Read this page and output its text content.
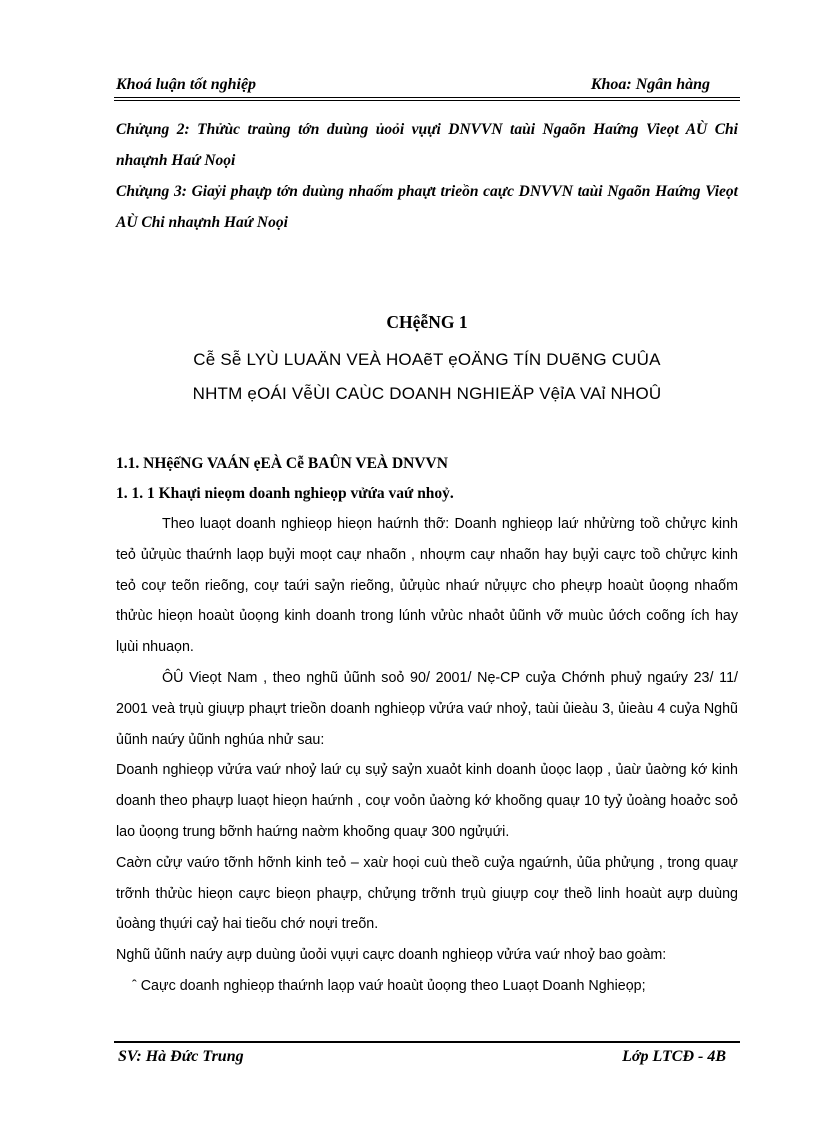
Khoá luận tốt nghiệp	Khoa: Ngân hàng

Chửụng 2: Thửùc traùng tớn duùng ủoỏi vụựi DNVVN taùi Ngaõn Haứng Vieọt AÙ Chi nhaựnh Haứ Noọi

Chửụng 3: Giaỷi phaựp tớn duùng nhaốm phaựt trieồn caực DNVVN taùi Ngaõn Haứng Vieọt AÙ Chi nhaựnh Haứ Noọi

CHệễNG 1
Cễ Sễ LYÙ LUAÄN VEÀ HOAẽT ẹOÄNG TÍN DUẽNG CUÛA
NHTM ẹOÁI VễÙI CAÙC DOANH NGHIEÄP VệỉA VAỉ NHOÛ
1.1. NHệếNG VAÁN ẹEÀ Cễ BAÛN VEÀ DNVVN
1. 1. 1 Khaựi nieọm doanh nghieọp vửứa vaứ nhoỷ.

Theo luaọt doanh nghieọp hieọn haứnh thỡ: Doanh nghieọp laứ nhửừng toồ chửực kinh teỏ ủửụùc thaứnh laọp bụỷi moọt caự nhaõn , nhoựm caự nhaõn hay bụỷi caực toồ chửực kinh teỏ coự teõn rieõng, coự taứi saỷn rieõng, ủửụùc nhaứ nửụực cho pheựp hoaùt ủoọng nhaốm thửùc hieọn hoaùt ủoọng kinh doanh trong lúnh vửùc nhaỏt ủũnh vỡ muùc ủớch coõng ích hay lụùi nhuaọn.

ÔÛ Vieọt Nam , theo nghũ ủũnh soỏ 90/ 2001/ Nẹ-CP cuỷa Chớnh phuỷ ngaứy 23/ 11/ 2001 veà trụù giuựp phaựt trieồn doanh nghieọp vửứa vaứ nhoỷ, taùi ủieàu 3, ủieàu 4 cuỷa Nghũ ủũnh naứy ủũnh nghúa nhử sau:

Doanh nghieọp vửứa vaứ nhoỷ laứ cụ sụỷ saỷn xuaỏt kinh doanh ủoọc laọp , ủaừ ủaờng kớ kinh doanh theo phaựp luaọt hieọn haứnh , coự voỏn ủaờng kớ khoõng quaự 10 tyỷ ủoàng hoaởc soỏ lao ủoọng trung bỡnh haứng naờm khoõng quaự 300 ngửụứi.

Caờn cửự vaứo tỡnh hỡnh kinh teỏ – xaừ hoọi cuù theồ cuỷa ngaứnh, ủũa phửụng , trong quaự trỡnh thửùc hieọn caực bieọn phaựp, chửụng trỡnh trụù giuựp coự theồ linh hoaùt aựp duùng ủoàng thụứi caỷ hai tieõu chớ noựi treõn.

Nghũ ủũnh naứy aựp duùng ủoỏi vụựi caực doanh nghieọp vửứa vaứ nhoỷ bao goàm:

ˆ Caực doanh nghieọp thaứnh laọp vaứ hoaùt ủoọng theo Luaọt Doanh Nghieọp;

SV: Hà Đức Trung	Lớp LTCĐ - 4B
